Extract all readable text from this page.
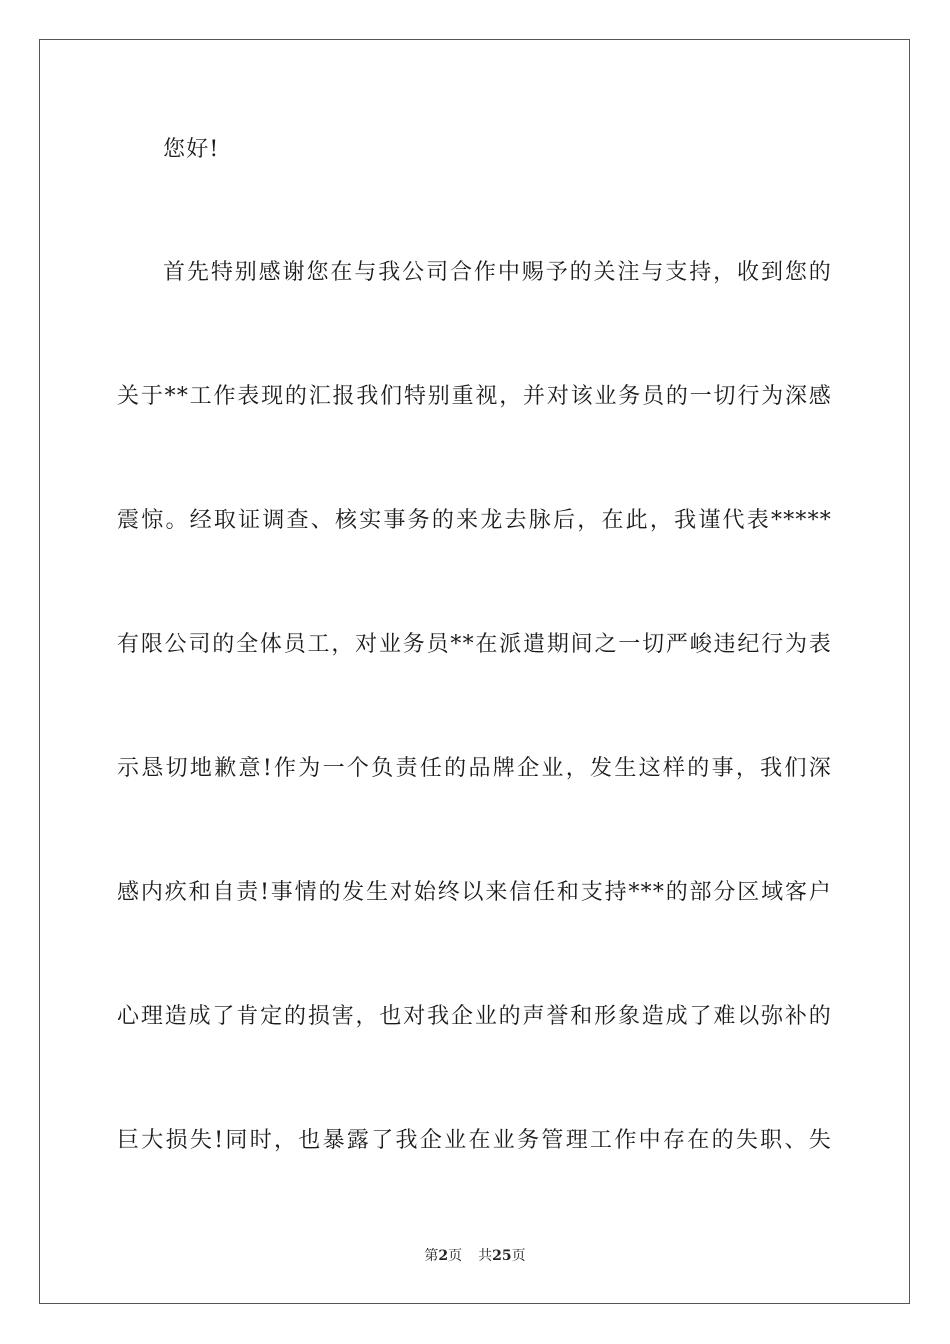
您好!
首先特别感谢您在与我公司合作中赐予的关注与支持，收到您的
关于**工作表现的汇报我们特别重视，并对该业务员的一切行为深感
震惊。经取证调查、核实事务的来龙去脉后，在此，我谨代表*****
有限公司的全体员工，对业务员**在派遣期间之一切严峻违纪行为表
示恳切地歉意!作为一个负责任的品牌企业，发生这样的事，我们深
感内疚和自责!事情的发生对始终以来信任和支持***的部分区域客户
心理造成了肯定的损害，也对我企业的声誉和形象造成了难以弥补的
巨大损失!同时，也暴露了我企业在业务管理工作中存在的失职、失
第2页 共25页
